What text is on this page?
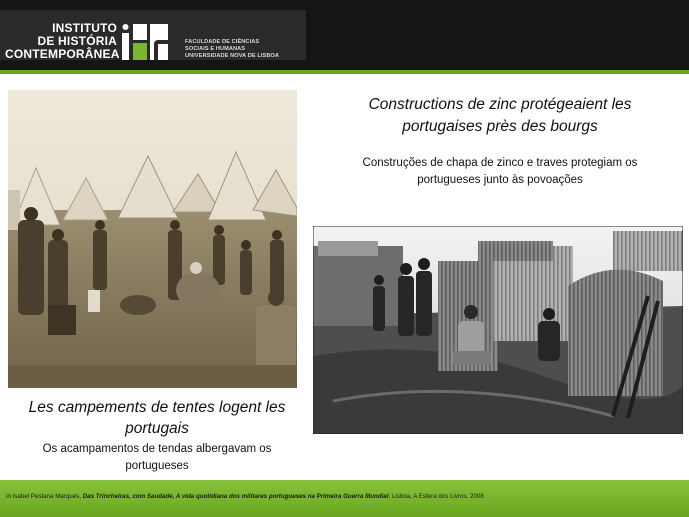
INSTITUTO
DE HISTÓRIA
CONTEMPORÂNEA
FACULDADE DE CIÊNCIAS
SOCIAIS E HUMANAS
UNIVERSIDADE NOVA DE LISBOA
Constructions de zinc protégeaient les portugaises près des bourgs
Construções de chapa de zinco e traves protegiam os portugueses junto às povoações
Les campements de tentes logent les portugais
Os acampamentos de tendas albergavam os portugueses
in Isabel Pestana Marques, Das Trincheiras, com Saudade, A vida quotidiana dos militares portugueses na Primeira Guerra Mundial, Lisboa, A Esfera dos Livros, 2008
